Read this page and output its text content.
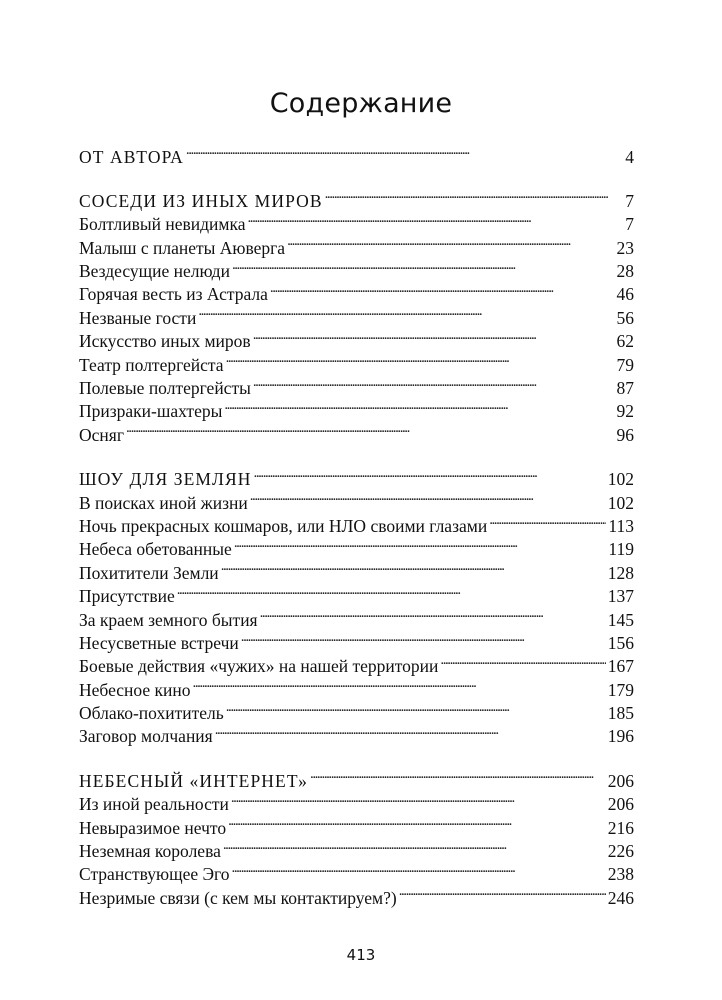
Содержание
ОТ АВТОРА . . .	4
СОСЕДИ ИЗ ИНЫХ МИРОВ . . .	7
Болтливый невидимка . . .	7
Малыш с планеты Аюверга . . .	23
Вездесущие нелюди . . .	28
Горячая весть из Астрала . . .	46
Незваные гости . . .	56
Искусство иных миров . . .	62
Театр полтергейста . . .	79
Полевые полтергейсты . . .	87
Призраки-шахтеры . . .	92
Осняг . . .	96
ШОУ ДЛЯ ЗЕМЛЯН . . .	102
В поисках иной жизни . . .	102
Ночь прекрасных кошмаров, или НЛО своими глазами . . .	113
Небеса обетованные . . .	119
Похитители Земли . . .	128
Присутствие . . .	137
За краем земного бытия . . .	145
Несусветные встречи . . .	156
Боевые действия «чужих» на нашей территории . . .	167
Небесное кино . . .	179
Облако-похититель . . .	185
Заговор молчания . . .	196
НЕБЕСНЫЙ «ИНТЕРНЕТ» . . .	206
Из иной реальности . . .	206
Невыразимое нечто . . .	216
Неземная королева . . .	226
Странствующее Эго . . .	238
Незримые связи (с кем мы контактируем?) . . .	246
413
